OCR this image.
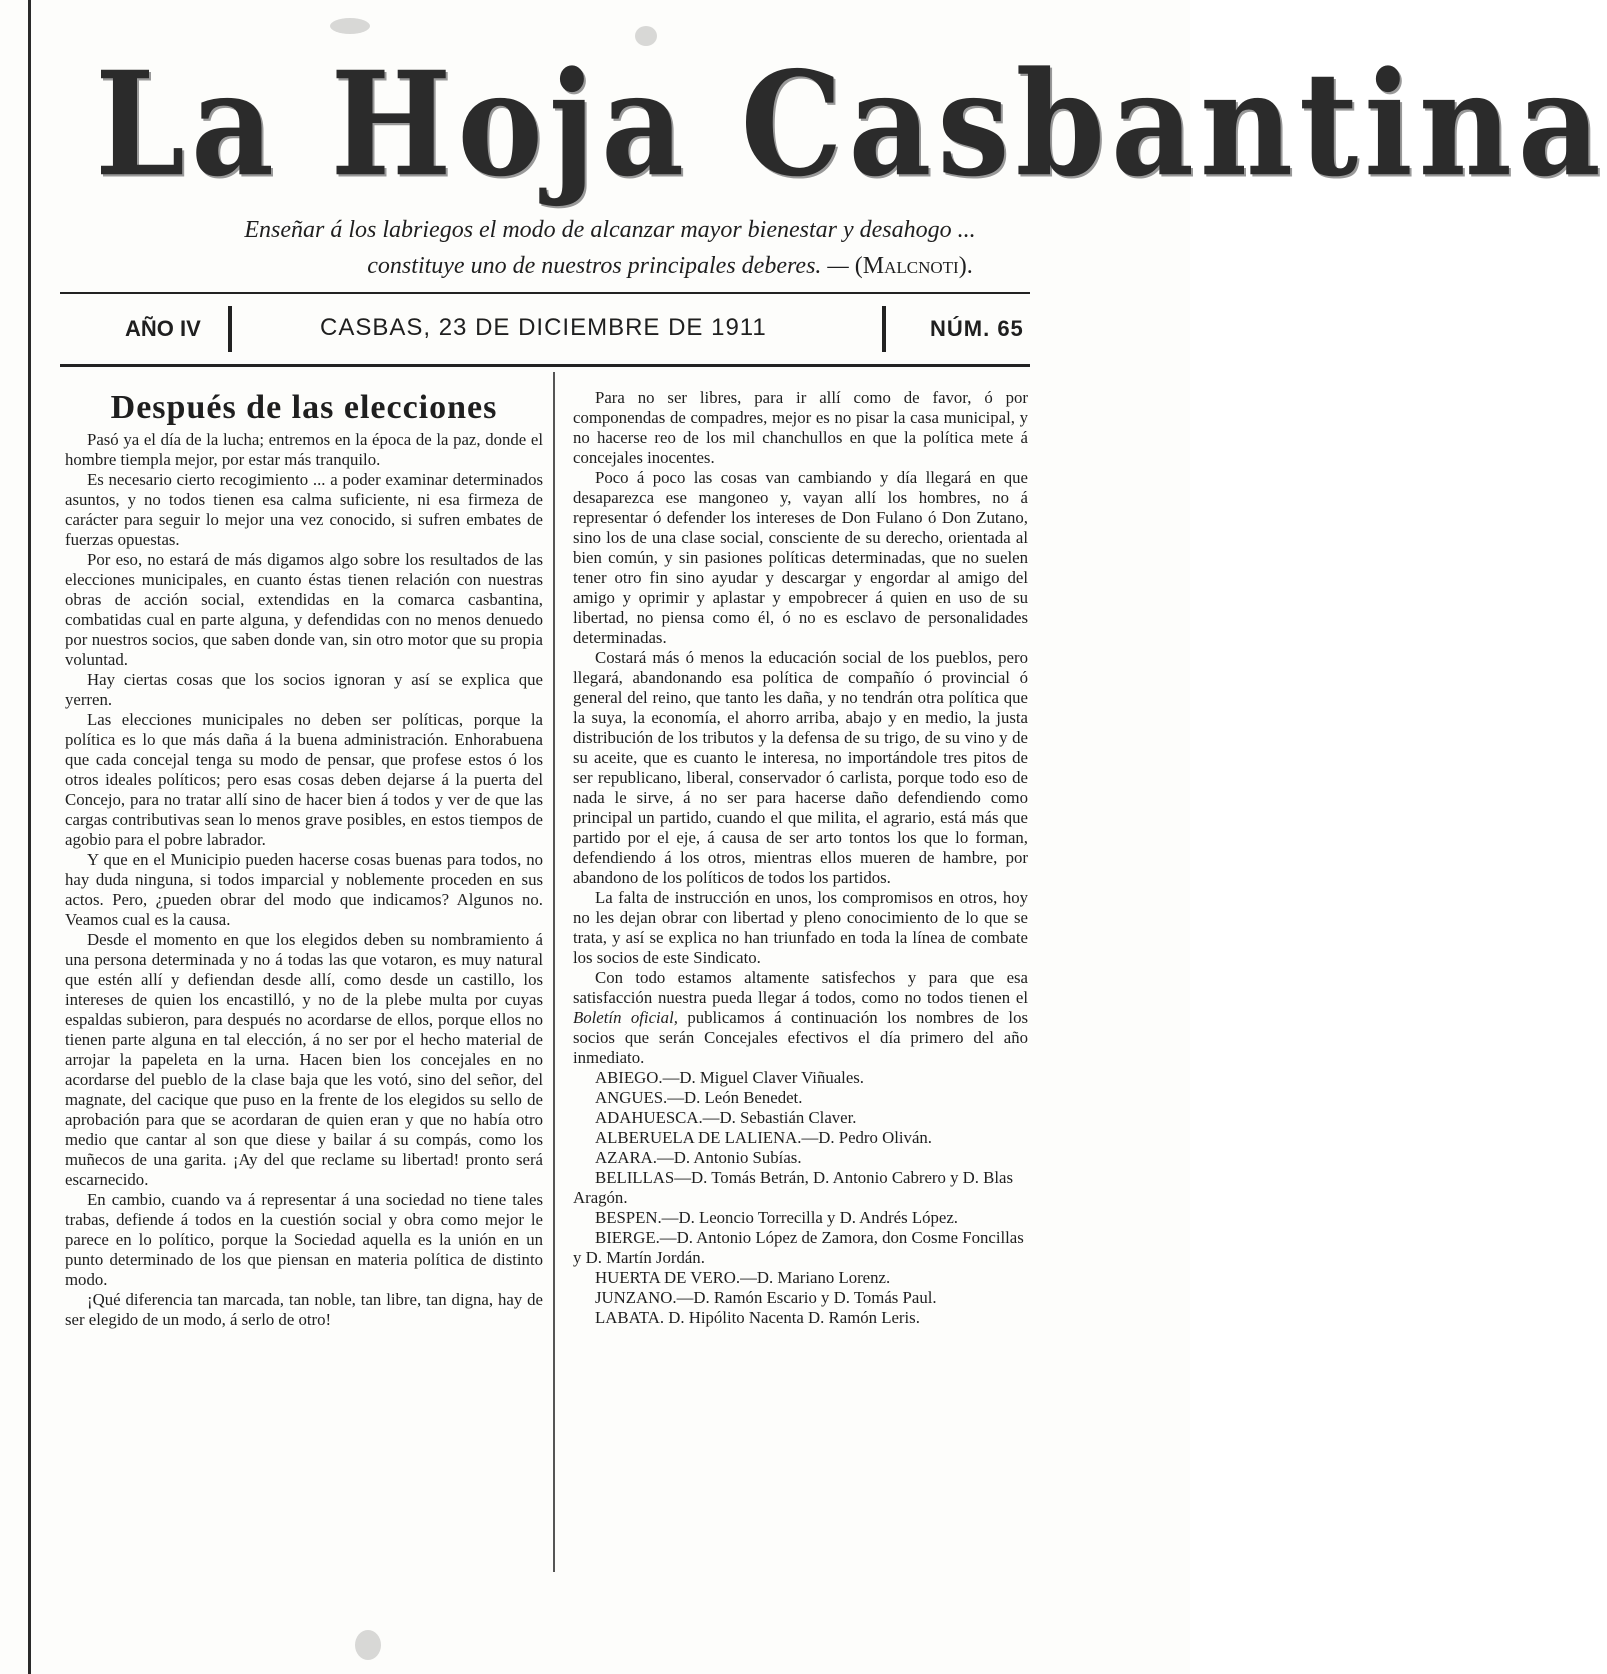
La Hoja Casbantina
Enseñar á los labriegos el modo de alcanzar mayor bienestar y desahogo ...
constituye uno de nuestros principales deberes. — (Malcnoti).
AÑO IV	CASBAS, 23 DE DICIEMBRE DE 1911	NÚM. 65

Después de las elecciones

Pasó ya el día de la lucha; entremos en la época de la paz, donde el hombre tiempla mejor, por estar más tranquilo.

Es necesario cierto recogimiento ... a poder examinar determinados asuntos, y no todos tienen esa calma suficiente, ni esa firmeza de carácter para seguir lo mejor una vez conocido, si sufren embates de fuerzas opuestas.

Por eso, no estará de más digamos algo sobre los resultados de las elecciones municipales, en cuanto éstas tienen relación con nuestras obras de acción social, extendidas en la comarca casbantina, combatidas cual en parte alguna, y defendidas con no menos denuedo por nuestros socios, que saben donde van, sin otro motor que su propia voluntad.

Hay ciertas cosas que los socios ignoran y así se explica que yerren.

Las elecciones municipales no deben ser políticas, porque la política es lo que más daña á la buena administración. Enhorabuena que cada concejal tenga su modo de pensar, que profese estos ó los otros ideales políticos; pero esas cosas deben dejarse á la puerta del Concejo, para no tratar allí sino de hacer bien á todos y ver de que las cargas contributivas sean lo menos grave posibles, en estos tiempos de agobio para el pobre labrador.

Y que en el Municipio pueden hacerse cosas buenas para todos, no hay duda ninguna, si todos imparcial y noblemente proceden en sus actos. Pero, ¿pueden obrar del modo que indicamos? Algunos no. Veamos cual es la causa.

Desde el momento en que los elegidos deben su nombramiento á una persona determinada y no á todas las que votaron, es muy natural que estén allí y defiendan desde allí, como desde un castillo, los intereses de quien los encastilló, y no de la plebe multa por cuyas espaldas subieron, para después no acordarse de ellos, porque ellos no tienen parte alguna en tal elección, á no ser por el hecho material de arrojar la papeleta en la urna. Hacen bien los concejales en no acordarse del pueblo de la clase baja que les votó, sino del señor, del magnate, del cacique que puso en la frente de los elegidos su sello de aprobación para que se acordaran de quien eran y que no había otro medio que cantar al son que diese y bailar á su compás, como los muñecos de una garita. ¡Ay del que reclame su libertad! pronto será escarnecido.

En cambio, cuando va á representar á una sociedad no tiene tales trabas, defiende á todos en la cuestión social y obra como mejor le parece en lo político, porque la Sociedad aquella es la unión en un punto determinado de los que piensan en materia política de distinto modo.

¡Qué diferencia tan marcada, tan noble, tan libre, tan digna, hay de ser elegido de un modo, á serlo de otro!

Para no ser libres, para ir allí como de favor, ó por componendas de compadres, mejor es no pisar la casa municipal, y no hacerse reo de los mil chanchullos en que la política mete á concejales inocentes.

Poco á poco las cosas van cambiando y día llegará en que desaparezca ese mangoneo y, vayan allí los hombres, no á representar ó defender los intereses de Don Fulano ó Don Zutano, sino los de una clase social, consciente de su derecho, orientada al bien común, y sin pasiones políticas determinadas, que no suelen tener otro fin sino ayudar y descargar y engordar al amigo del amigo y oprimir y aplastar y empobrecer á quien en uso de su libertad, no piensa como él, ó no es esclavo de personalidades determinadas.

Costará más ó menos la educación social de los pueblos, pero llegará, abandonando esa política de compañío ó provincial ó general del reino, que tanto les daña, y no tendrán otra política que la suya, la economía, el ahorro arriba, abajo y en medio, la justa distribución de los tributos y la defensa de su trigo, de su vino y de su aceite, que es cuanto le interesa, no importándole tres pitos de ser republicano, liberal, conservador ó carlista, porque todo eso de nada le sirve, á no ser para hacerse daño defendiendo como principal un partido, cuando el que milita, el agrario, está más que partido por el eje, á causa de ser arto tontos los que lo forman, defendiendo á los otros, mientras ellos mueren de hambre, por abandono de los políticos de todos los partidos.

La falta de instrucción en unos, los compromisos en otros, hoy no les dejan obrar con libertad y pleno conocimiento de lo que se trata, y así se explica no han triunfado en toda la línea de combate los socios de este Sindicato.

Con todo estamos altamente satisfechos y para que esa satisfacción nuestra pueda llegar á todos, como no todos tienen el Boletín oficial, publicamos á continuación los nombres de los socios que serán Concejales efectivos el día primero del año inmediato.

ABIEGO.—D. Miguel Claver Viñuales.

ANGUES.—D. León Benedet.

ADAHUESCA.—D. Sebastián Claver.

ALBERUELA DE LALIENA.—D. Pedro Oliván.

AZARA.—D. Antonio Subías.

BELILLAS—D. Tomás Betrán, D. Antonio Cabrero y D. Blas Aragón.

BESPEN.—D. Leoncio Torrecilla y D. Andrés López.

BIERGE.—D. Antonio López de Zamora, don Cosme Foncillas y D. Martín Jordán.

HUERTA DE VERO.—D. Mariano Lorenz.

JUNZANO.—D. Ramón Escario y D. Tomás Paul.

LABATA. D. Hipólito Nacenta D. Ramón Leris.
